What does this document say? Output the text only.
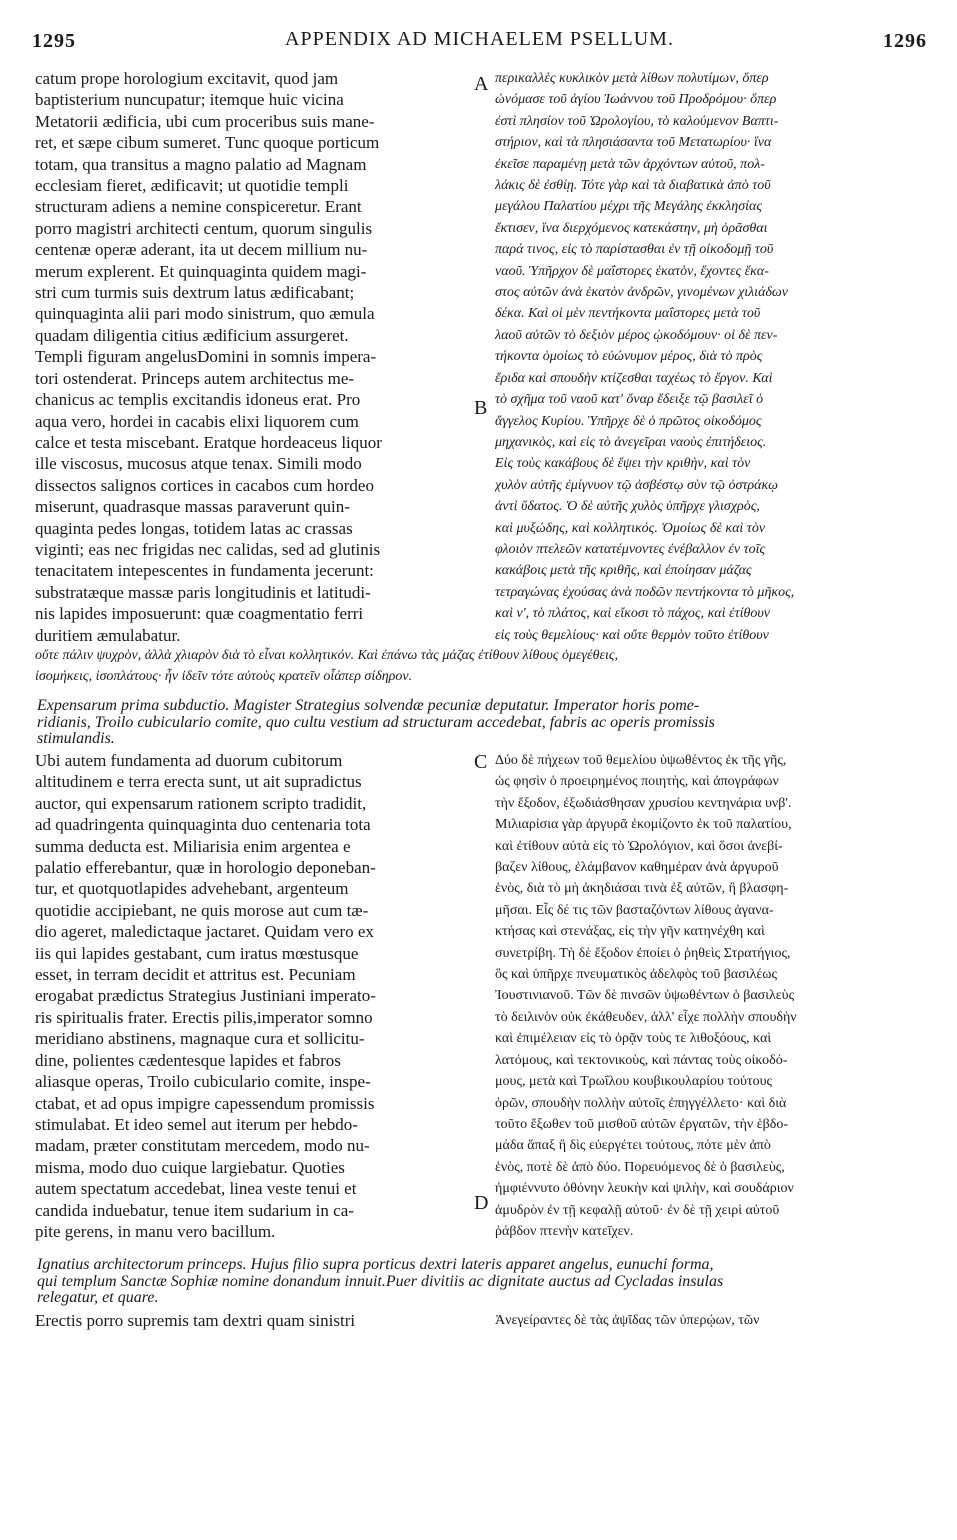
1295	APPENDIX AD MICHAELEM PSELLUM.	1296
catum prope horologium excitavit, quod jam
baptisterium nuncupatur; itemque huic vicina
Metatorii ædificia, ubi cum proceribus suis mane-
ret, et sæpe cibum sumeret. Tunc quoque porticum
totam, qua transitus a magno palatio ad Magnam
ecclesiam fieret, ædificavit; ut quotidie templi
structuram adiens a nemine conspiceretur. Erant
porro magistri architecti centum, quorum singulis
centenæ operæ aderant, ita ut decem millium nu-
merum explerent. Et quinquaginta quidem magi-
stri cum turmis suis dextrum latus ædificabant;
quinquaginta alii pari modo sinistrum, quo æmula
quadam diligentia citius ædificium assurgeret.
Templi figuram angelusDomini in somnis impera-
tori ostenderat. Princeps autem architectus me-
chanicus ac templis excitandis idoneus erat. Pro
aqua vero, hordei in cacabis elixi liquorem cum
calce et testa miscebant. Eratque hordeaceus liquor
ille viscosus, mucosus atque tenax. Simili modo
dissectos salignos cortices in cacabos cum hordeo
miserunt, quadrasque massas paraverunt quin-
quaginta pedes longas, totidem latas ac crassas
viginti; eas nec frigidas nec calidas, sed ad glutinis
tenacitatem intepescentes in fundamenta jecerunt:
substratæque massæ paris longitudinis et latitudi-
nis lapides imposuerunt: quæ coagmentatio ferri
duritiem æmulabatur.
περικαλλὲς κυκλικὸν μετὰ λίθων πολυτίμων, ὅπερ
ὠνόμασε τοῦ ἁγίου Ἰωάννου τοῦ Προδρόμου· ὅπερ
ἐστὶ πλησίον τοῦ Ὡρολογίου, τὸ καλούμενον Βαπτι-
στήριον, καὶ τὰ πλησιάσαντα τοῦ Μετατωρίου· ἵνα
ἐκεῖσε παραμένῃ μετὰ τῶν ἀρχόντων αὐτοῦ, πολ-
λάκις δὲ ἐσθίῃ. Τότε γὰρ καὶ τὰ διαβατικὰ ἀπὸ τοῦ
μεγάλου Παλατίου μέχρι τῆς Μεγάλης ἐκκλησίας
ἔκτισεν, ἵνα διερχόμενος κατεκάστην, μὴ ὁρᾶσθαι
παρά τινος, εἰς τὸ παρίστασθαι ἐν τῇ οἰκοδομῇ τοῦ
ναοῦ. Ὑπῆρχον δὲ μαΐστορες ἑκατὸν, ἔχοντες ἕκα-
στος αὐτῶν ἀνὰ ἑκατὸν ἀνδρῶν, γινομένων χιλιάδων
δέκα. Καὶ οἱ μὲν πεντήκοντα μαΐστορες μετὰ τοῦ
λαοῦ αὐτῶν τὸ δεξιὸν μέρος ᾠκοδόμουν· οἱ δὲ πεν-
τήκοντα ὁμοίως τὸ εὐώνυμον μέρος, διὰ τὸ πρὸς
ἔριδα καὶ σπουδὴν κτίζεσθαι ταχέως τὸ ἔργον. Καὶ
τὸ σχῆμα τοῦ ναοῦ κατ' ὄναρ ἔδειξε τῷ βασιλεῖ ὁ
ἄγγελος Κυρίου. Ὑπῆρχε δὲ ὁ πρῶτος οἰκοδόμος
μηχανικὸς, καὶ εἰς τὸ ἀνεγεῖραι ναοὺς ἐπιτήδειος.
Εἰς τοὺς κακάβους δὲ ἕψει τὴν κριθὴν, καὶ τὸν
χυλὸν αὐτῆς ἐμίγνυον τῷ ἀσβέστῳ σὺν τῷ ὀστράκῳ
ἀντὶ ὕδατος. Ὁ δὲ αὐτῆς χυλὸς ὑπῆρχε γλισχρὸς,
καὶ μυξώδης, καὶ κολλητικός. Ὁμοίως δὲ καὶ τὸν
φλοιὸν πτελεῶν κατατέμνοντες ἐνέβαλλον ἐν τοῖς
κακάβοις μετὰ τῆς κριθῆς, καὶ ἐποίησαν μάζας
τετραγώνας ἐχούσας ἀνὰ ποδῶν πεντήκοντα τὸ μῆκος,
καὶ ν', τὸ πλάτος, καὶ εἴκοσι τὸ πάχος, καὶ ἐτίθουν
εἰς τοὺς θεμελίους· καὶ οὔτε θερμὸν τοῦτο ἐτίθουν
οὔτε πάλιν ψυχρὸν, ἀλλὰ χλιαρὸν διὰ τὸ εἶναι κολλητικόν. Καὶ ἐπάνω τὰς μάζας ἐτίθουν λίθους ὁμεγέθεις,
ἰσομήκεις, ἰσοπλάτους· ἦν ἰδεῖν τότε αὐτοὺς κρατεῖν οἷάπερ σίδηρον.
A
B
Expensarum prima subductio. Magister Strategius solvendæ pecuniæ deputatur. Imperator horis pome-
ridianis, Troilo cubiculario comite, quo cultu vestium ad structuram accedebat, fabris ac operis promissis
stimulandis.
Ubi autem fundamenta ad duorum cubitorum
altitudinem e terra erecta sunt, ut ait supradictus
auctor, qui expensarum rationem scripto tradidit,
ad quadringenta quinquaginta duo centenaria tota
summa deducta est. Miliarisia enim argentea e
palatio efferebantur, quæ in horologio deponeban-
tur, et quotquotlapides advehebant, argenteum
quotidie accipiebant, ne quis morose aut cum tæ-
dio ageret, maledictaque jactaret. Quidam vero ex
iis qui lapides gestabant, cum iratus mœstusque
esset, in terram decidit et attritus est. Pecuniam
erogabat prædictus Strategius Justiniani imperato-
ris spiritualis frater. Erectis pilis,imperator somno
meridiano abstinens, magnaque cura et sollicitu-
dine, polientes cædentesque lapides et fabros
aliasque operas, Troilo cubiculario comite, inspe-
ctabat, et ad opus impigre capessendum promissis
stimulabat. Et ideo semel aut iterum per hebdo-
madam, præter constitutam mercedem, modo nu-
misma, modo duo cuique largiebatur. Quoties
autem spectatum accedebat, linea veste tenui et
candida induebatur, tenue item sudarium in ca-
pite gerens, in manu vero bacillum.
Δύο δὲ πήχεων τοῦ θεμελίου ὑψωθέντος ἐκ τῆς γῆς,
ὡς φησὶν ὁ προειρημένος ποιητὴς, καὶ ἀπογράφων
τὴν ἔξοδον, ἐξωδιάσθησαν χρυσίου κεντηνάρια υνβ'.
Μιλιαρίσια γὰρ ἀργυρᾶ ἐκομίζοντο ἐκ τοῦ παλατίου,
καὶ ἐτίθουν αὐτὰ εἰς τὸ Ὡρολόγιον, καὶ ὅσοι ἀνεβί-
βαζεν λίθους, ἐλάμβανον καθημέραν ἀνὰ ἀργυροῦ
ἑνὸς, διὰ τὸ μὴ ἀκηδιάσαι τινὰ ἐξ αὐτῶν, ἢ βλασφη-
μῆσαι. Εἷς δέ τις τῶν βασταζόντων λίθους ἀγανα-
κτήσας καὶ στενάξας, εἰς τὴν γῆν κατηνέχθη καὶ
συνετρίβη. Τὴ δὲ ἔξοδον ἐποίει ὁ ῥηθεὶς Στρατήγιος,
ὃς καὶ ὑπῆρχε πνευματικὸς ἀδελφὸς τοῦ βασιλέως
Ἰουστινιανοῦ. Τῶν δὲ πινσῶν ὑψωθέντων ὁ βασιλεὺς
τὸ δειλινὸν οὐκ ἐκάθευδεν, ἀλλ' εἶχε πολλὴν σπουδὴν
καὶ ἐπιμέλειαν εἰς τὸ ὁρᾷν τοὺς τε λιθοξόους, καὶ
λατόμους, καὶ τεκτονικοὺς, καὶ πάντας τοὺς οἰκοδό-
μους, μετὰ καὶ Τρωΐλου κουβικουλαρίου τούτους
ὁρῶν, σπουδὴν πολλὴν αὐτοῖς ἐπηγγέλλετο· καὶ διὰ
τοῦτο ἔξωθεν τοῦ μισθοῦ αὐτῶν ἐργατῶν, τὴν ἑβδο-
μάδα ἅπαξ ἢ δὶς εὐεργέτει τούτους, πότε μὲν ἀπὸ
ἑνὸς, ποτὲ δὲ ἀπὸ δύο. Πορευόμενος δὲ ὁ βασιλεὺς,
ἠμφιέννυτο ὀθόνην λευκὴν καὶ ψιλὴν, καὶ σουδάριον
ἀμυδρὸν ἐν τῇ κεφαλῇ αὐτοῦ· ἐν δὲ τῇ χειρὶ αὐτοῦ
ῥάβδον πτενὴν κατεῖχεν.
C
D
Ignatius architectorum princeps. Hujus filio supra porticus dextri lateris apparet angelus, eunuchi forma,
qui templum Sanctæ Sophiæ nomine donandum innuit.Puer divitiis ac dignitate auctus ad Cycladas insulas
relegatur, et quare.
Erectis porro supremis tam dextri quam sinistri	Ἀνεγείραντες δὲ τὰς ἀψῖδας τῶν ὑπερῴων, τῶν
